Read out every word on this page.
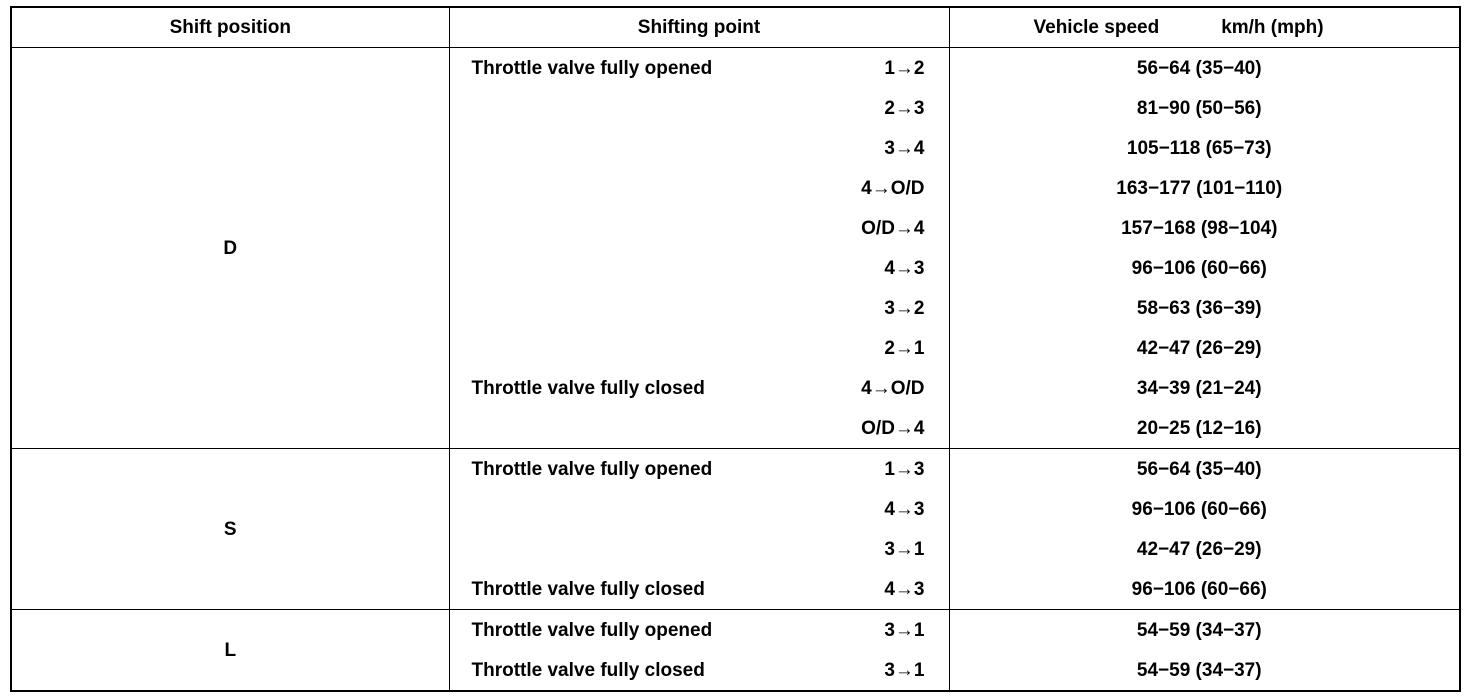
Shift position	Shifting point		Vehicle speed km/h (mph)
D	Throttle valve fully opened	1→2	56−64 (35−40)
		2→3	81−90 (50−56)
		3→4	105−118 (65−73)
		4→O/D	163−177 (101−110)
		O/D→4	157−168 (98−104)
		4→3	96−106 (60−66)
		3→2	58−63 (36−39)
		2→1	42−47 (26−29)
	Throttle valve fully closed	4→O/D	34−39 (21−24)
		O/D→4	20−25 (12−16)
S	Throttle valve fully opened	1→3	56−64 (35−40)
		4→3	96−106 (60−66)
		3→1	42−47 (26−29)
	Throttle valve fully closed	4→3	96−106 (60−66)
L	Throttle valve fully opened	3→1	54−59 (34−37)
	Throttle valve fully closed	3→1	54−59 (34−37)
